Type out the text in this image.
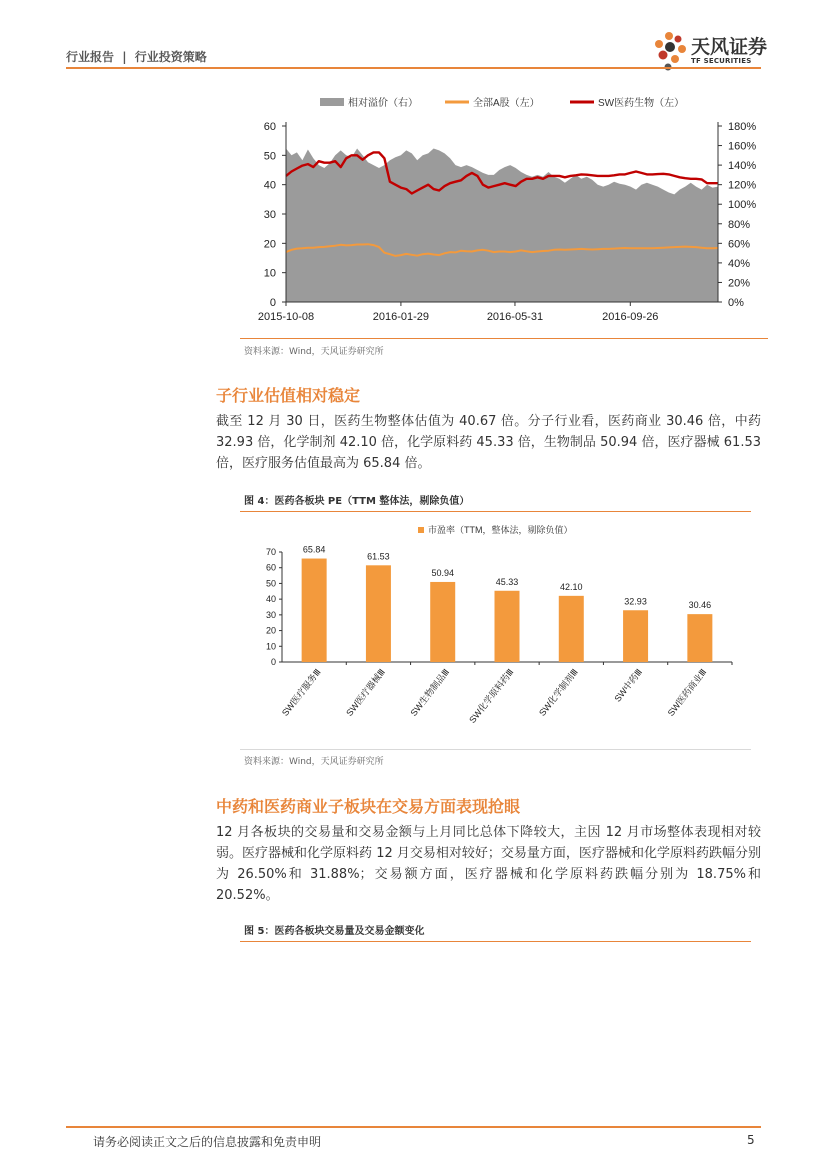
行业报告 | 行业投资策略	天风证券
TF SECURITIES
相对溢价（右）	全部A股（左）	SW医药生物（左）
0
10
20
30
40
50
60
0%
20%
40%
60%
80%
100%
120%
140%
160%
180%
2015-10-08	2016-01-29	2016-05-31	2016-09-26
资料来源：Wind，天风证券研究所
子行业估值相对稳定
截至 12 月 30 日，医药生物整体估值为 40.67 倍。分子行业看，医药商业 30.46 倍，中药 32.93 倍，化学制剂 42.10 倍，化学原料药 45.33 倍，生物制品 50.94 倍，医疗器械 61.53 倍，医疗服务估值最高为 65.84 倍。
图 4：医药各板块 PE（TTM 整体法，剔除负值）
市盈率（TTM，整体法，剔除负值）
0
10
20
30
40
50
60
70	65.84
SW医疗服务Ⅲ
61.53
SW医疗器械Ⅲ
50.94
SW生物制品Ⅲ
45.33
SW化学原料药Ⅲ
42.10
SW化学制剂Ⅲ
32.93
SW中药Ⅲ
30.46
SW医药商业Ⅲ
资料来源：Wind，天风证券研究所
中药和医药商业子板块在交易方面表现抢眼
12 月各板块的交易量和交易金额与上月同比总体下降较大，主因 12 月市场整体表现相对较弱。医疗器械和化学原料药 12 月交易相对较好；交易量方面，医疗器械和化学原料药跌幅分别为 26.50%和 31.88%；交易额方面，医疗器械和化学原料药跌幅分别为 18.75%和 20.52%。
图 5：医药各板块交易量及交易金额变化
请务必阅读正文之后的信息披露和免责申明	5
